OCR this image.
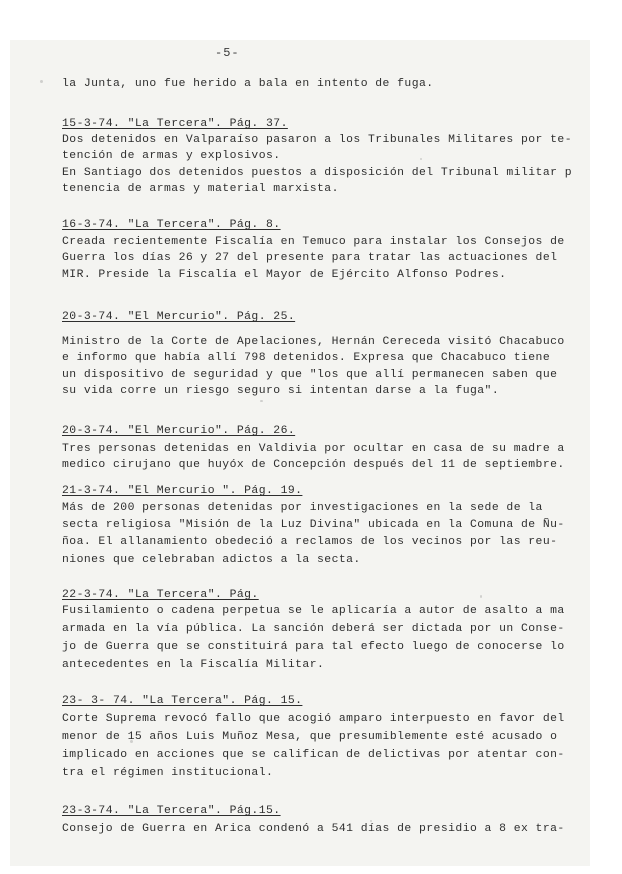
-5-
la Junta, uno fue herido a bala en intento de fuga.
15-3-74. "La Tercera". Pág. 37.
Dos detenidos en Valparaíso pasaron a los Tribunales Militares por te-
tención de armas y explosivos.
En Santiago dos detenidos puestos a disposición del Tribunal militar p
tenencia de armas y material marxista.
16-3-74. "La Tercera". Pág. 8.
Creada recientemente Fiscalía en Temuco para instalar los Consejos de
Guerra los días 26 y 27 del presente para tratar las actuaciones del
MIR. Preside la Fiscalía el Mayor de Ejército Alfonso Podres.
20-3-74. "El Mercurio". Pág. 25.
Ministro de la Corte de Apelaciones, Hernán Cereceda visitó Chacabuco
e informo que había allí 798 detenidos. Expresa que Chacabuco tiene
un dispositivo de seguridad y que "los que allí permanecen saben que
su vida corre un riesgo seguro si intentan darse a la fuga".
20-3-74. "El Mercurio". Pág. 26.
Tres personas detenidas en Valdivia por ocultar en casa de su madre a
medico cirujano que huyóx de Concepción después del 11 de septiembre.
21-3-74. "El Mercurio ". Pág. 19.
Más de 200 personas detenidas por investigaciones en la sede de la
secta religiosa "Misión de la Luz Divina" ubicada en la Comuna de Ñu-
ñoa. El allanamiento obedeció a reclamos de los vecinos por las reu-
niones que celebraban adictos a la secta.
22-3-74. "La Tercera". Pág.
Fusilamiento o cadena perpetua se le aplicaría a autor de asalto a ma
armada en la vía pública. La sanción deberá ser dictada por un Conse-
jo de Guerra que se constituirá para tal efecto luego de conocerse lo
antecedentes en la Fiscalía Militar.
23- 3- 74. "La Tercera". Pág. 15.
Corte Suprema revocó fallo que acogió amparo interpuesto en favor del
menor de 15 años Luis Muñoz Mesa, que presumiblemente esté acusado o
implicado en acciones que se califican de delictivas por atentar con-
tra el régimen institucional.
23-3-74. "La Tercera". Pág.15.
Consejo de Guerra en Arica condenó a 541 días de presidio a 8 ex tra-
